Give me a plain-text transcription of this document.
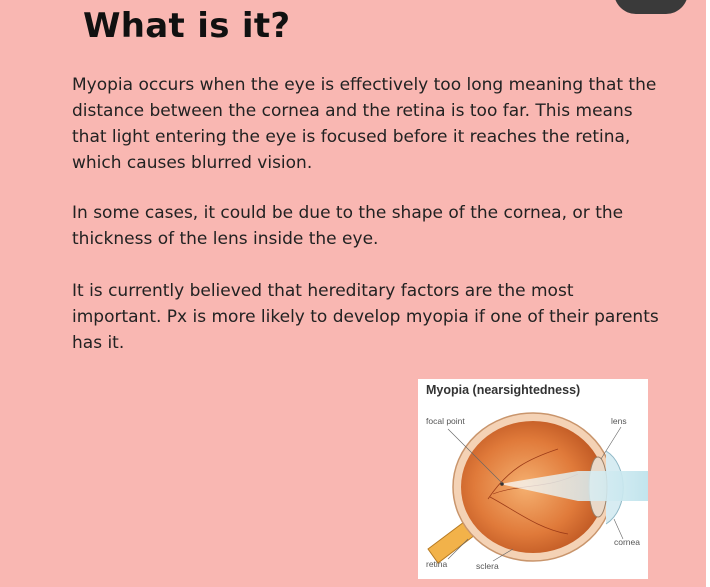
What is it?

Myopia occurs when the eye is effectively too long meaning that the distance between the cornea and the retina is too far. This means that light entering the eye is focused before it reaches the retina, which causes blurred vision.

In some cases, it could be due to the shape of the cornea, or the thickness of the lens inside the eye.

It is currently believed that hereditary factors are the most important. Px is more likely to develop myopia if one of their parents has it.

Myopia (nearsightedness)
focal point	lens
cornea
retina	sclera
